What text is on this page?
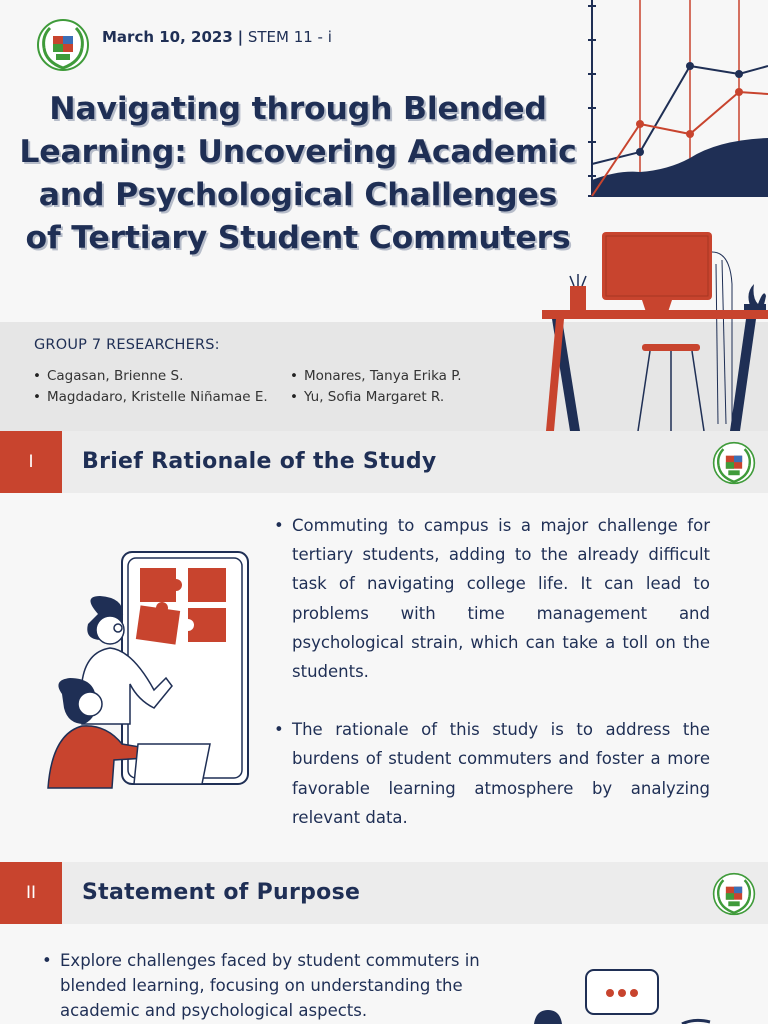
March 10, 2023 | STEM 11 - i
Navigating through Blended Learning: Uncovering Academic and Psychological Challenges of Tertiary Student Commuters
GROUP 7 RESEARCHERS:
• Cagasan, Brienne S.
• Magdadaro, Kristelle Niñamae E.
• Monares, Tanya Erika P.
• Yu, Sofia Margaret R.
I	Brief Rationale of the Study
• Commuting to campus is a major challenge for tertiary students, adding to the already difficult task of navigating college life. It can lead to problems with time management and psychological strain, which can take a toll on the students.
• The rationale of this study is to address the burdens of student commuters and foster a more favorable learning atmosphere by analyzing relevant data.
II	Statement of Purpose
• Explore challenges faced by student commuters in blended learning, focusing on understanding the academic and psychological aspects.
